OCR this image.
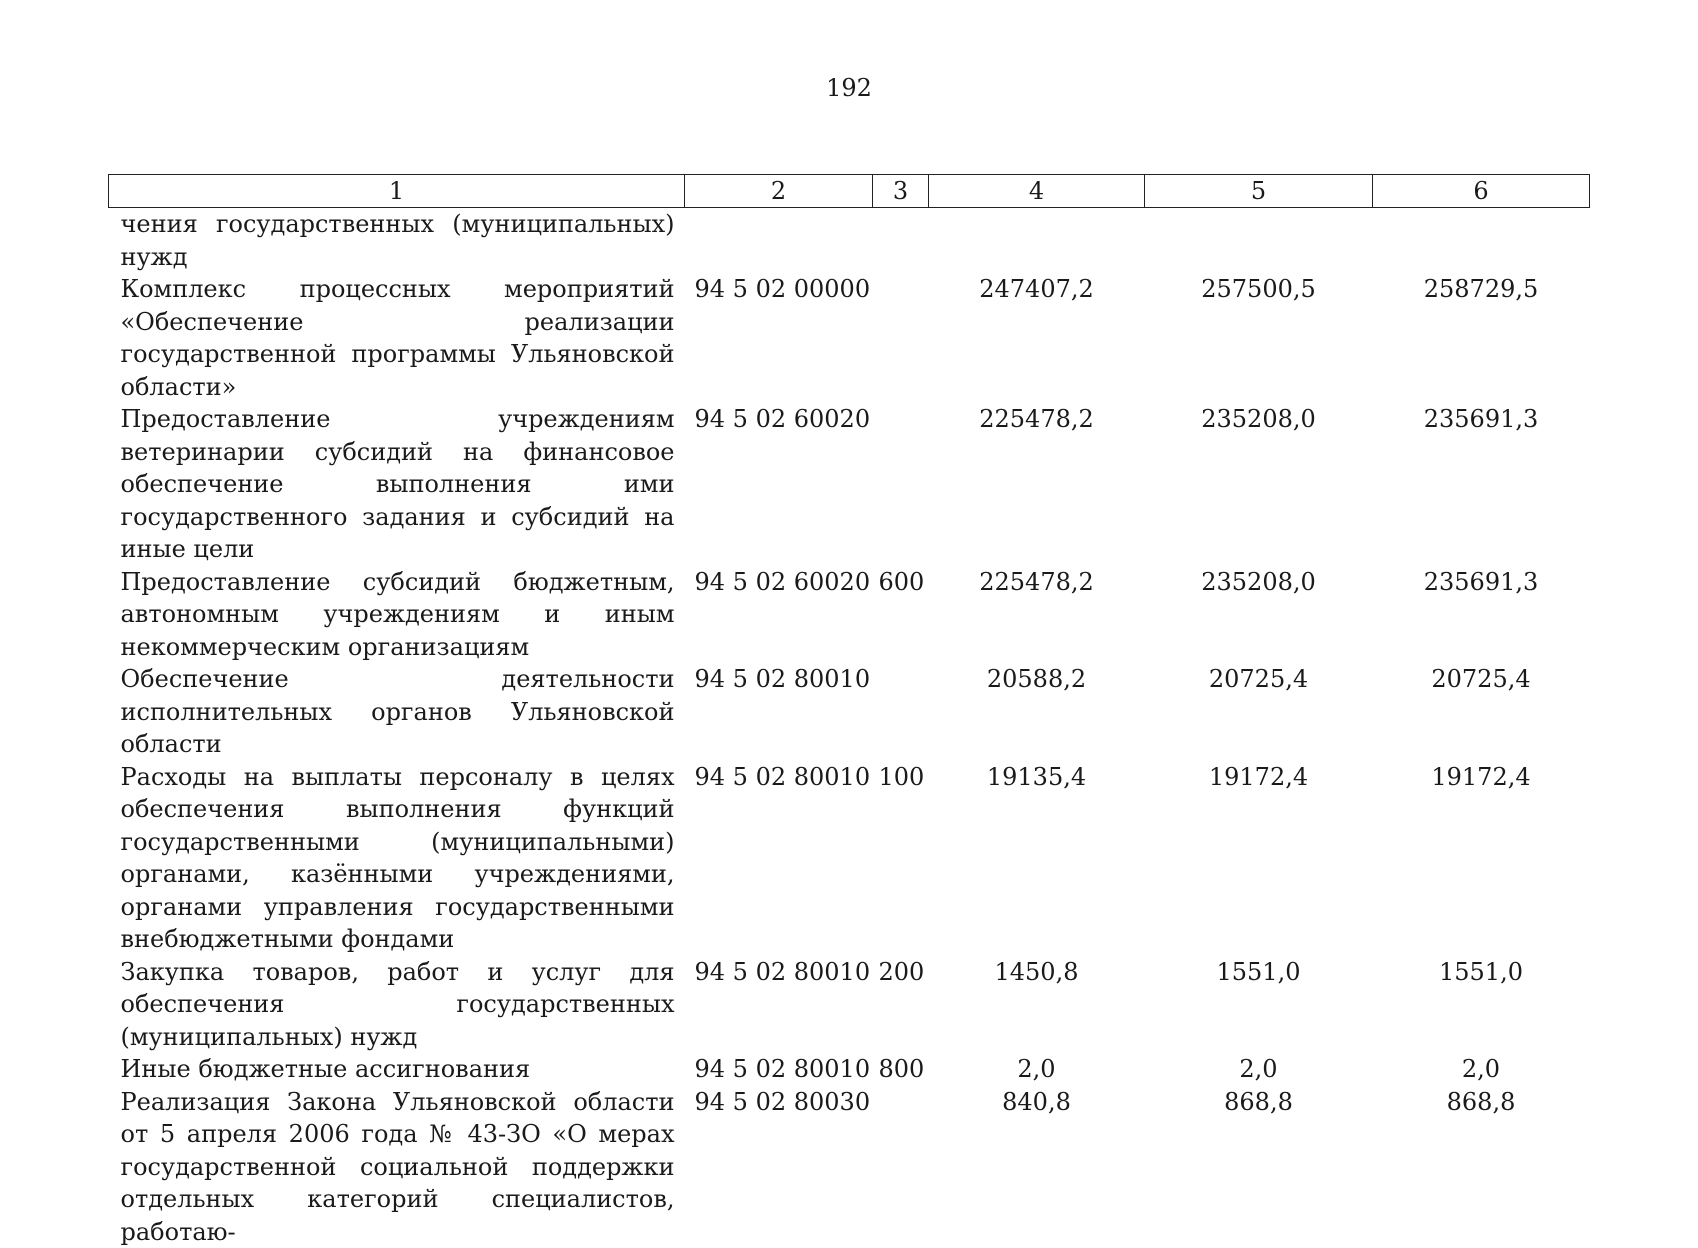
192
1	2	3	4	5	6
чения государственных (муниципальных) нужд					
Комплекс процессных мероприятий «Обеспечение реализации государственной программы Ульяновской области»	94 5 02 00000		247407,2	257500,5	258729,5
Предоставление учреждениям ветеринарии субсидий на финансовое обеспечение выполнения ими государственного задания и субсидий на иные цели	94 5 02 60020		225478,2	235208,0	235691,3
Предоставление субсидий бюджетным, автономным учреждениям и иным некоммерческим организациям	94 5 02 60020	600	225478,2	235208,0	235691,3
Обеспечение деятельности исполнительных органов Ульяновской области	94 5 02 80010		20588,2	20725,4	20725,4
Расходы на выплаты персоналу в целях обеспечения выполнения функций государственными (муниципальными) органами, казёнными учреждениями, органами управления государственными внебюджетными фондами	94 5 02 80010	100	19135,4	19172,4	19172,4
Закупка товаров, работ и услуг для обеспечения государственных (муниципальных) нужд	94 5 02 80010	200	1450,8	1551,0	1551,0
Иные бюджетные ассигнования	94 5 02 80010	800	2,0	2,0	2,0
Реализация Закона Ульяновской области от 5 апреля 2006 года № 43-ЗО «О мерах государственной социальной поддержки отдельных категорий специалистов, работаю-	94 5 02 80030		840,8	868,8	868,8
